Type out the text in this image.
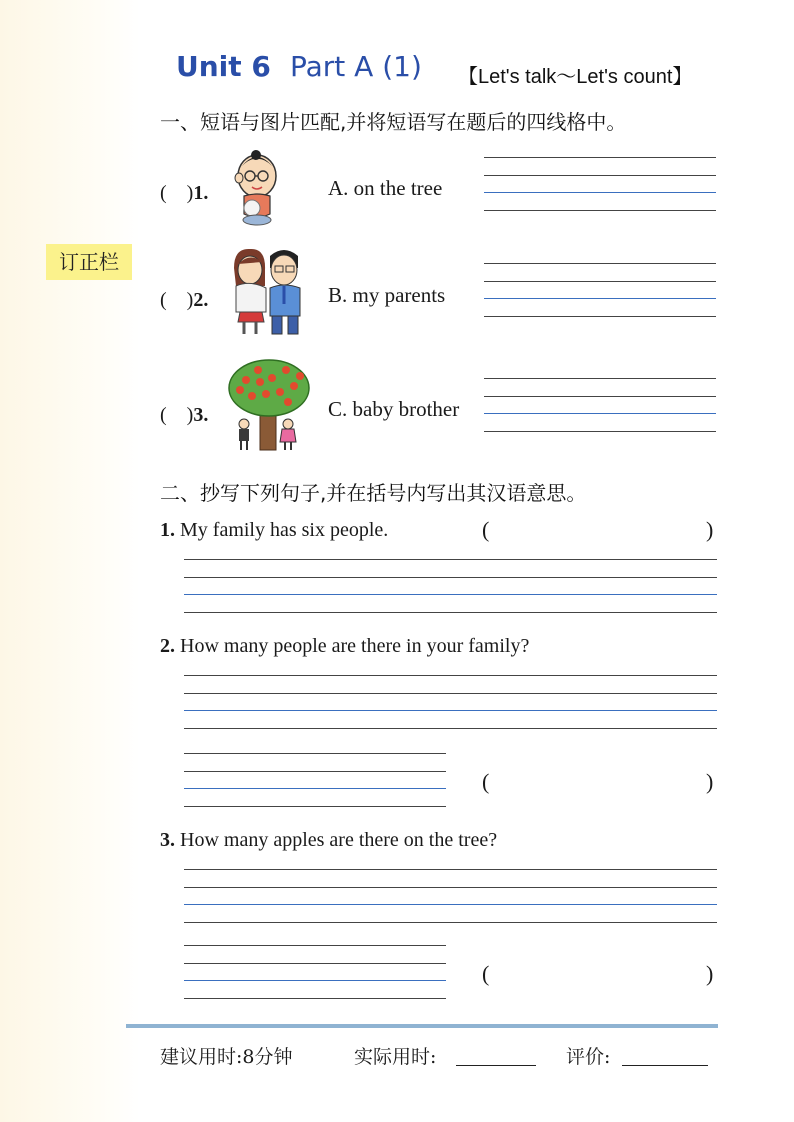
订正栏
Unit 6 Part A (1) 【Let's talk～Let's count】
一、短语与图片匹配,并将短语写在题后的四线格中。
(　)1.	A. on the tree
(　)2.	B. my parents
(　)3.	C. baby brother
二、抄写下列句子,并在括号内写出其汉语意思。
1. My family has six people.	(	)
2. How many people are there in your family?
(	)
3. How many apples are there on the tree?
(	)
建议用时:8分钟	实际用时:	评价:
